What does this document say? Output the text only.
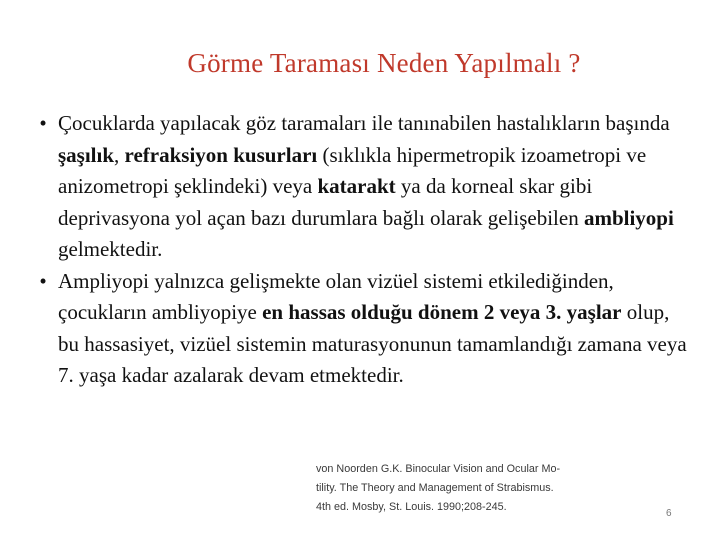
Görme Taraması Neden Yapılmalı ?
• Çocuklarda yapılacak göz taramaları ile tanınabilen hastalıkların başında şaşılık, refraksiyon kusurları (sıklıkla hipermetropik izoametropi ve anizometropi şeklindeki) veya katarakt ya da korneal skar gibi deprivasyona yol açan bazı durumlara bağlı olarak gelişebilen ambliyopi gelmektedir.
• Ampliyopi yalnızca gelişmekte olan vizüel sistemi etkilediğinden, çocukların ambliyopiye en hassas olduğu dönem 2 veya 3. yaşlar olup, bu hassasiyet, vizüel sistemin maturasyonunun tamamlandığı zamana veya 7. yaşa kadar azalarak devam etmektedir.
von Noorden G.K. Binocular Vision and Ocular Mo-
tility. The Theory and Management of Strabismus.
4th ed. Mosby, St. Louis. 1990;208-245.
6
